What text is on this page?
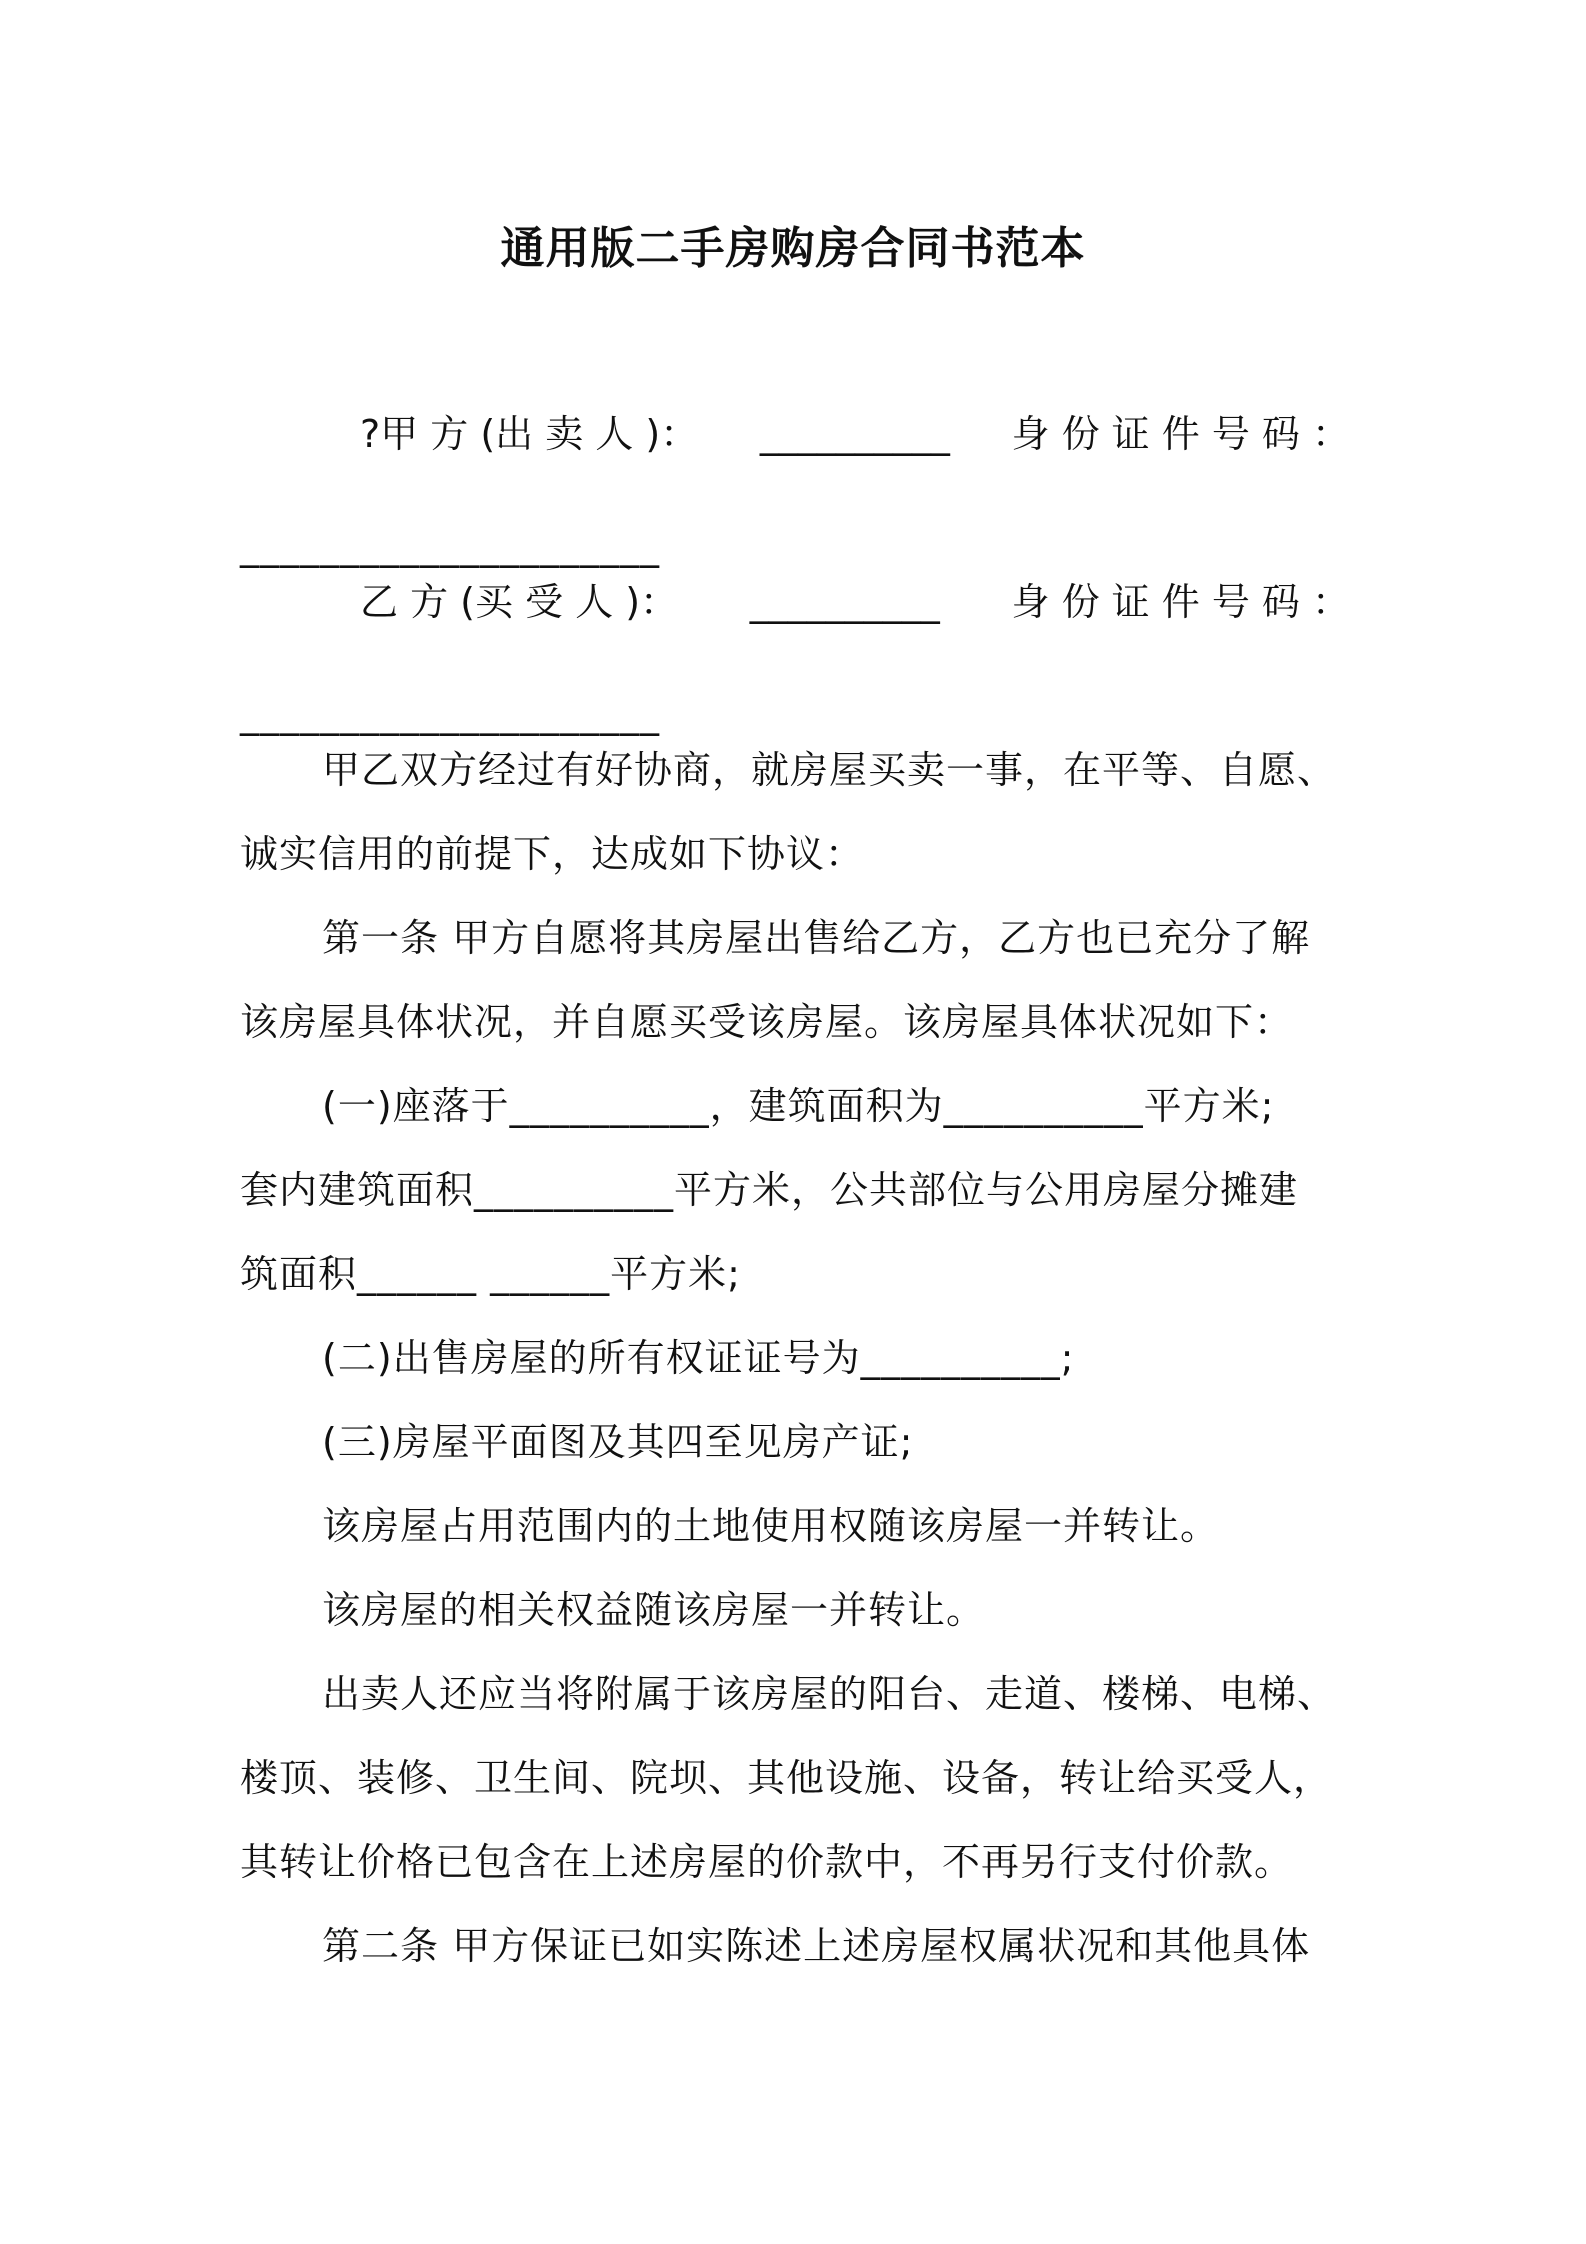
通用版二手房购房合同书范本
?甲 方 (出 卖 人 )： __________ 身 份 证 件 号 码 ：
_____________________
乙 方 (买 受 人 )： __________ 身 份 证 件 号 码 ：
_____________________
甲乙双方经过有好协商，就房屋买卖一事，在平等、自愿、
诚实信用的前提下，达成如下协议：
第一条 甲方自愿将其房屋出售给乙方，乙方也已充分了解
该房屋具体状况，并自愿买受该房屋。该房屋具体状况如下：
(一)座落于__________，建筑面积为__________平方米;
套内建筑面积__________平方米，公共部位与公用房屋分摊建
筑面积______ ______平方米;
(二)出售房屋的所有权证证号为__________;
(三)房屋平面图及其四至见房产证;
该房屋占用范围内的土地使用权随该房屋一并转让。
该房屋的相关权益随该房屋一并转让。
出卖人还应当将附属于该房屋的阳台、走道、楼梯、电梯、
楼顶、装修、卫生间、院坝、其他设施、设备，转让给买受人，
其转让价格已包含在上述房屋的价款中，不再另行支付价款。
第二条 甲方保证已如实陈述上述房屋权属状况和其他具体
